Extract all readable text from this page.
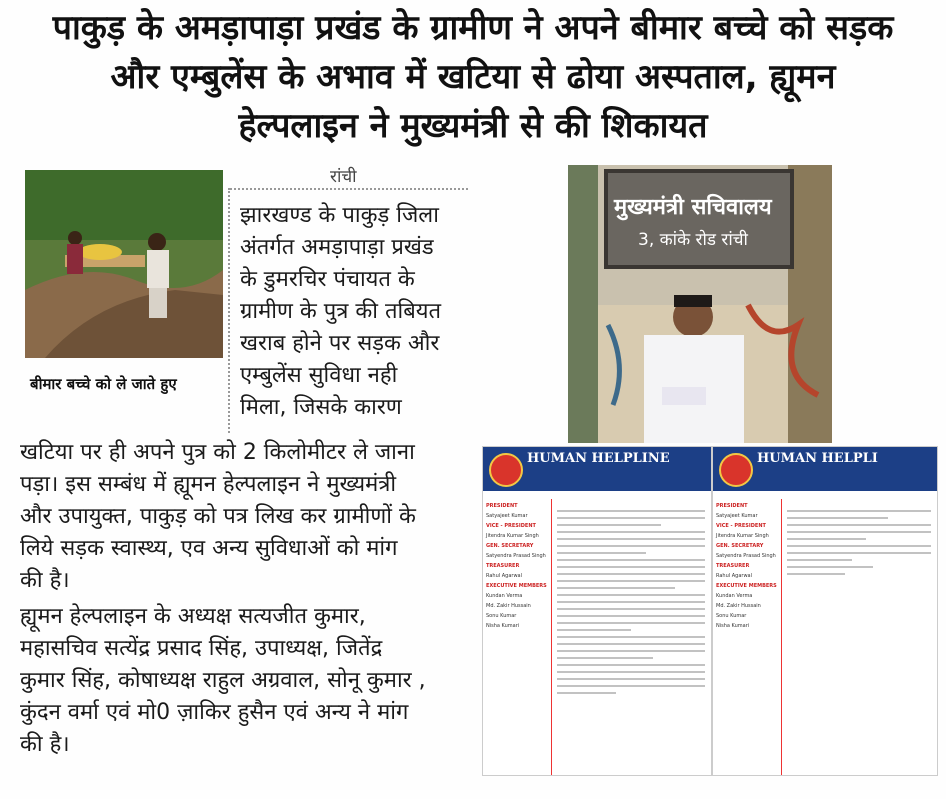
पाकुड़ के अमड़ापाड़ा प्रखंड के ग्रामीण ने अपने बीमार बच्चे को सड़क
और एम्बुलेंस के अभाव में खटिया से ढोया अस्पताल, ह्यूमन
हेल्पलाइन ने मुख्यमंत्री से की शिकायत
बीमार बच्चे को ले जाते हुए
रांची
झारखण्ड के पाकुड़ जिला
अंतर्गत अमड़ापाड़ा प्रखंड
के डुमरचिर पंचायत के
ग्रामीण के पुत्र की तबियत
खराब होने पर सड़क और
एम्बुलेंस सुविधा नही
मिला, जिसके कारण
खटिया पर ही अपने पुत्र को 2 किलोमीटर ले जाना
पड़ा। इस सम्बंध में ह्यूमन हेल्पलाइन ने मुख्यमंत्री
और उपायुक्त, पाकुड़ को पत्र लिख कर ग्रामीणों के
लिये सड़क स्वास्थ्य, एव अन्य सुविधाओं को मांग
की है।
ह्यूमन हेल्पलाइन के अध्यक्ष सत्यजीत कुमार,
महासचिव सत्येंद्र प्रसाद सिंह, उपाध्यक्ष, जितेंद्र
कुमार सिंह, कोषाध्यक्ष राहुल अग्रवाल, सोनू कुमार ,
कुंदन वर्मा एवं मो0 ज़ाकिर हुसैन एवं अन्य ने मांग
की है।
मुख्यमंत्री सचिवालय
3, कांके रोड रांची
HUMAN HELPLINE
PRESIDENT
Satyajeet Kumar
VICE - PRESIDENT
Jitendra Kumar Singh
GEN. SECRETARY
Satyendra Prasad Singh
TREASURER
Rahul Agarwal
EXECUTIVE MEMBERS
Kundan Verma
Md. Zakir Hussain
Sonu Kumar
Nisha Kumari
HUMAN HELPLI
PRESIDENT
Satyajeet Kumar
VICE - PRESIDENT
Jitendra Kumar Singh
GEN. SECRETARY
Satyendra Prasad Singh
TREASURER
Rahul Agarwal
EXECUTIVE MEMBERS
Kundan Verma
Md. Zakir Hussain
Sonu Kumar
Nisha Kumari
